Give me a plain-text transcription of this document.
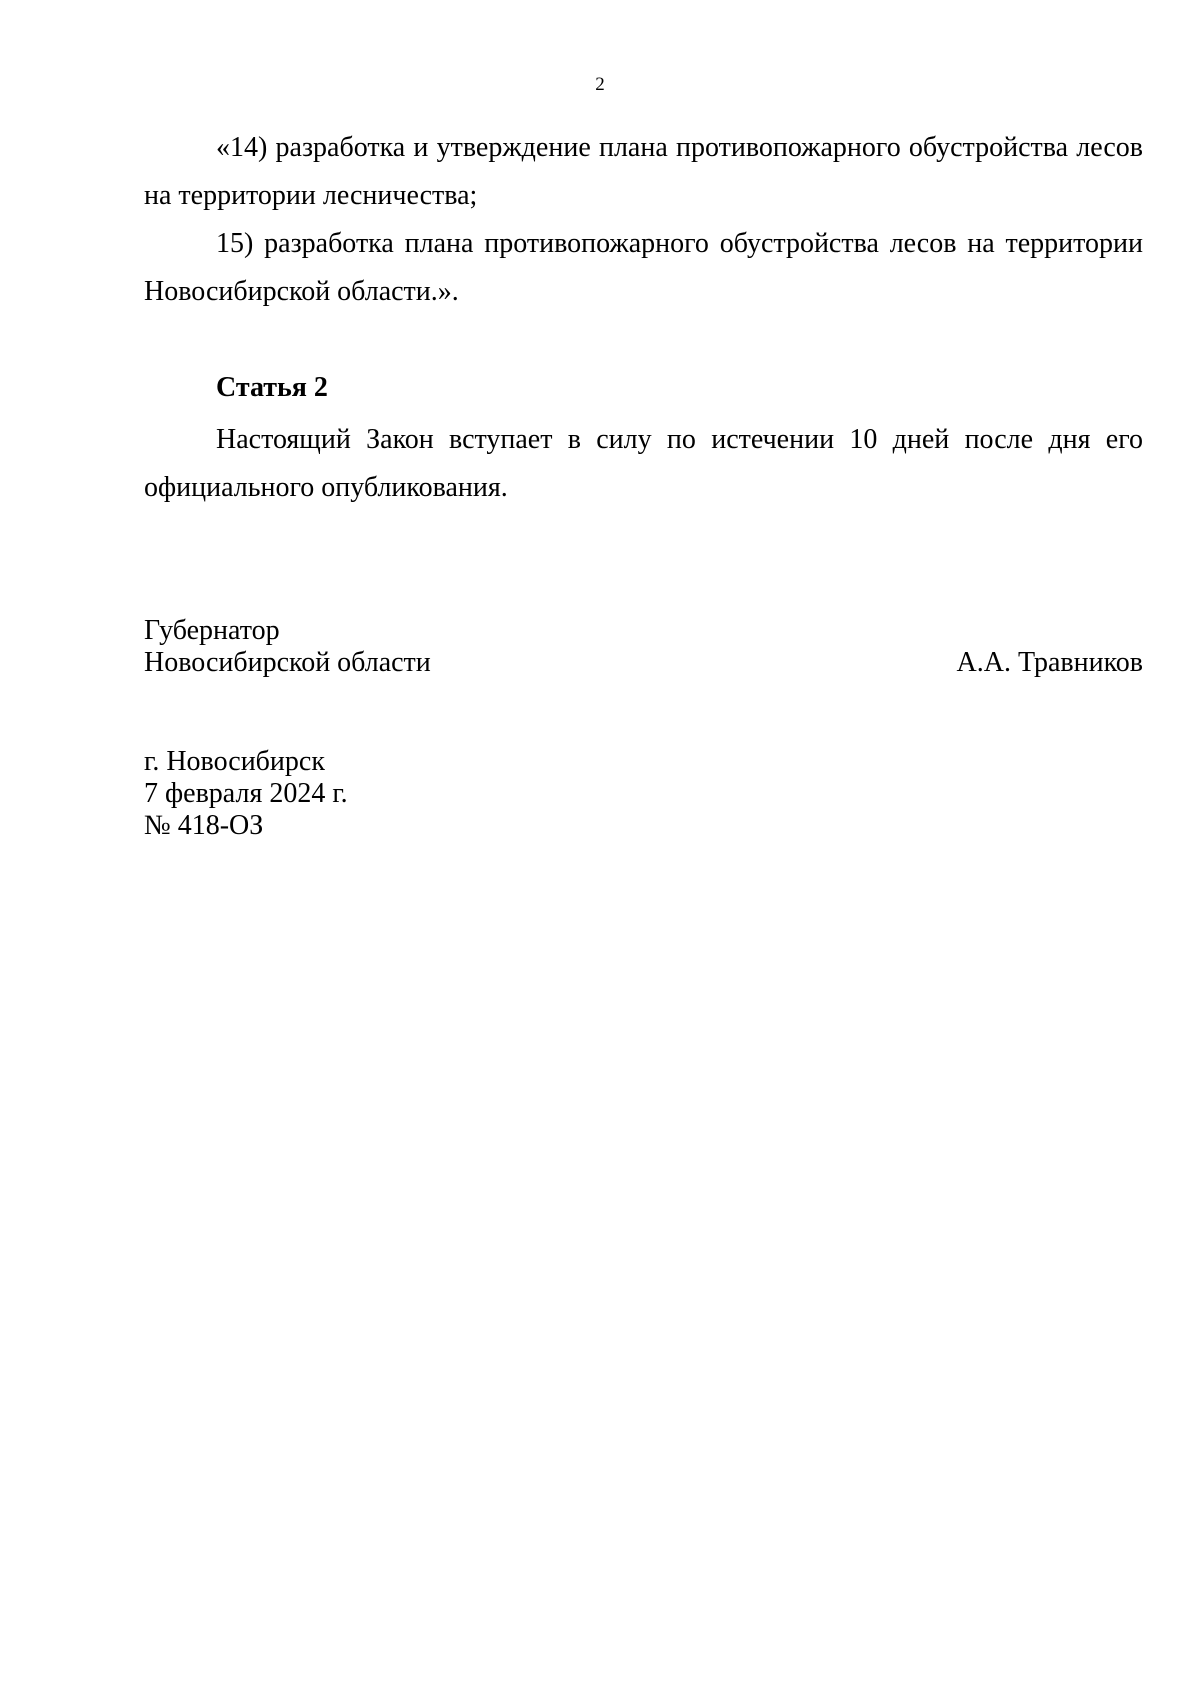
2

«14) разработка и утверждение плана противопожарного обустройства лесов на территории лесничества;

15) разработка плана противопожарного обустройства лесов на территории Новосибирской области.».

Статья 2

Настоящий Закон вступает в силу по истечении 10 дней после дня его официального опубликования.

Губернатор
Новосибирской области	А.А. Травников
г. Новосибирск
7 февраля 2024 г.
№ 418-ОЗ
